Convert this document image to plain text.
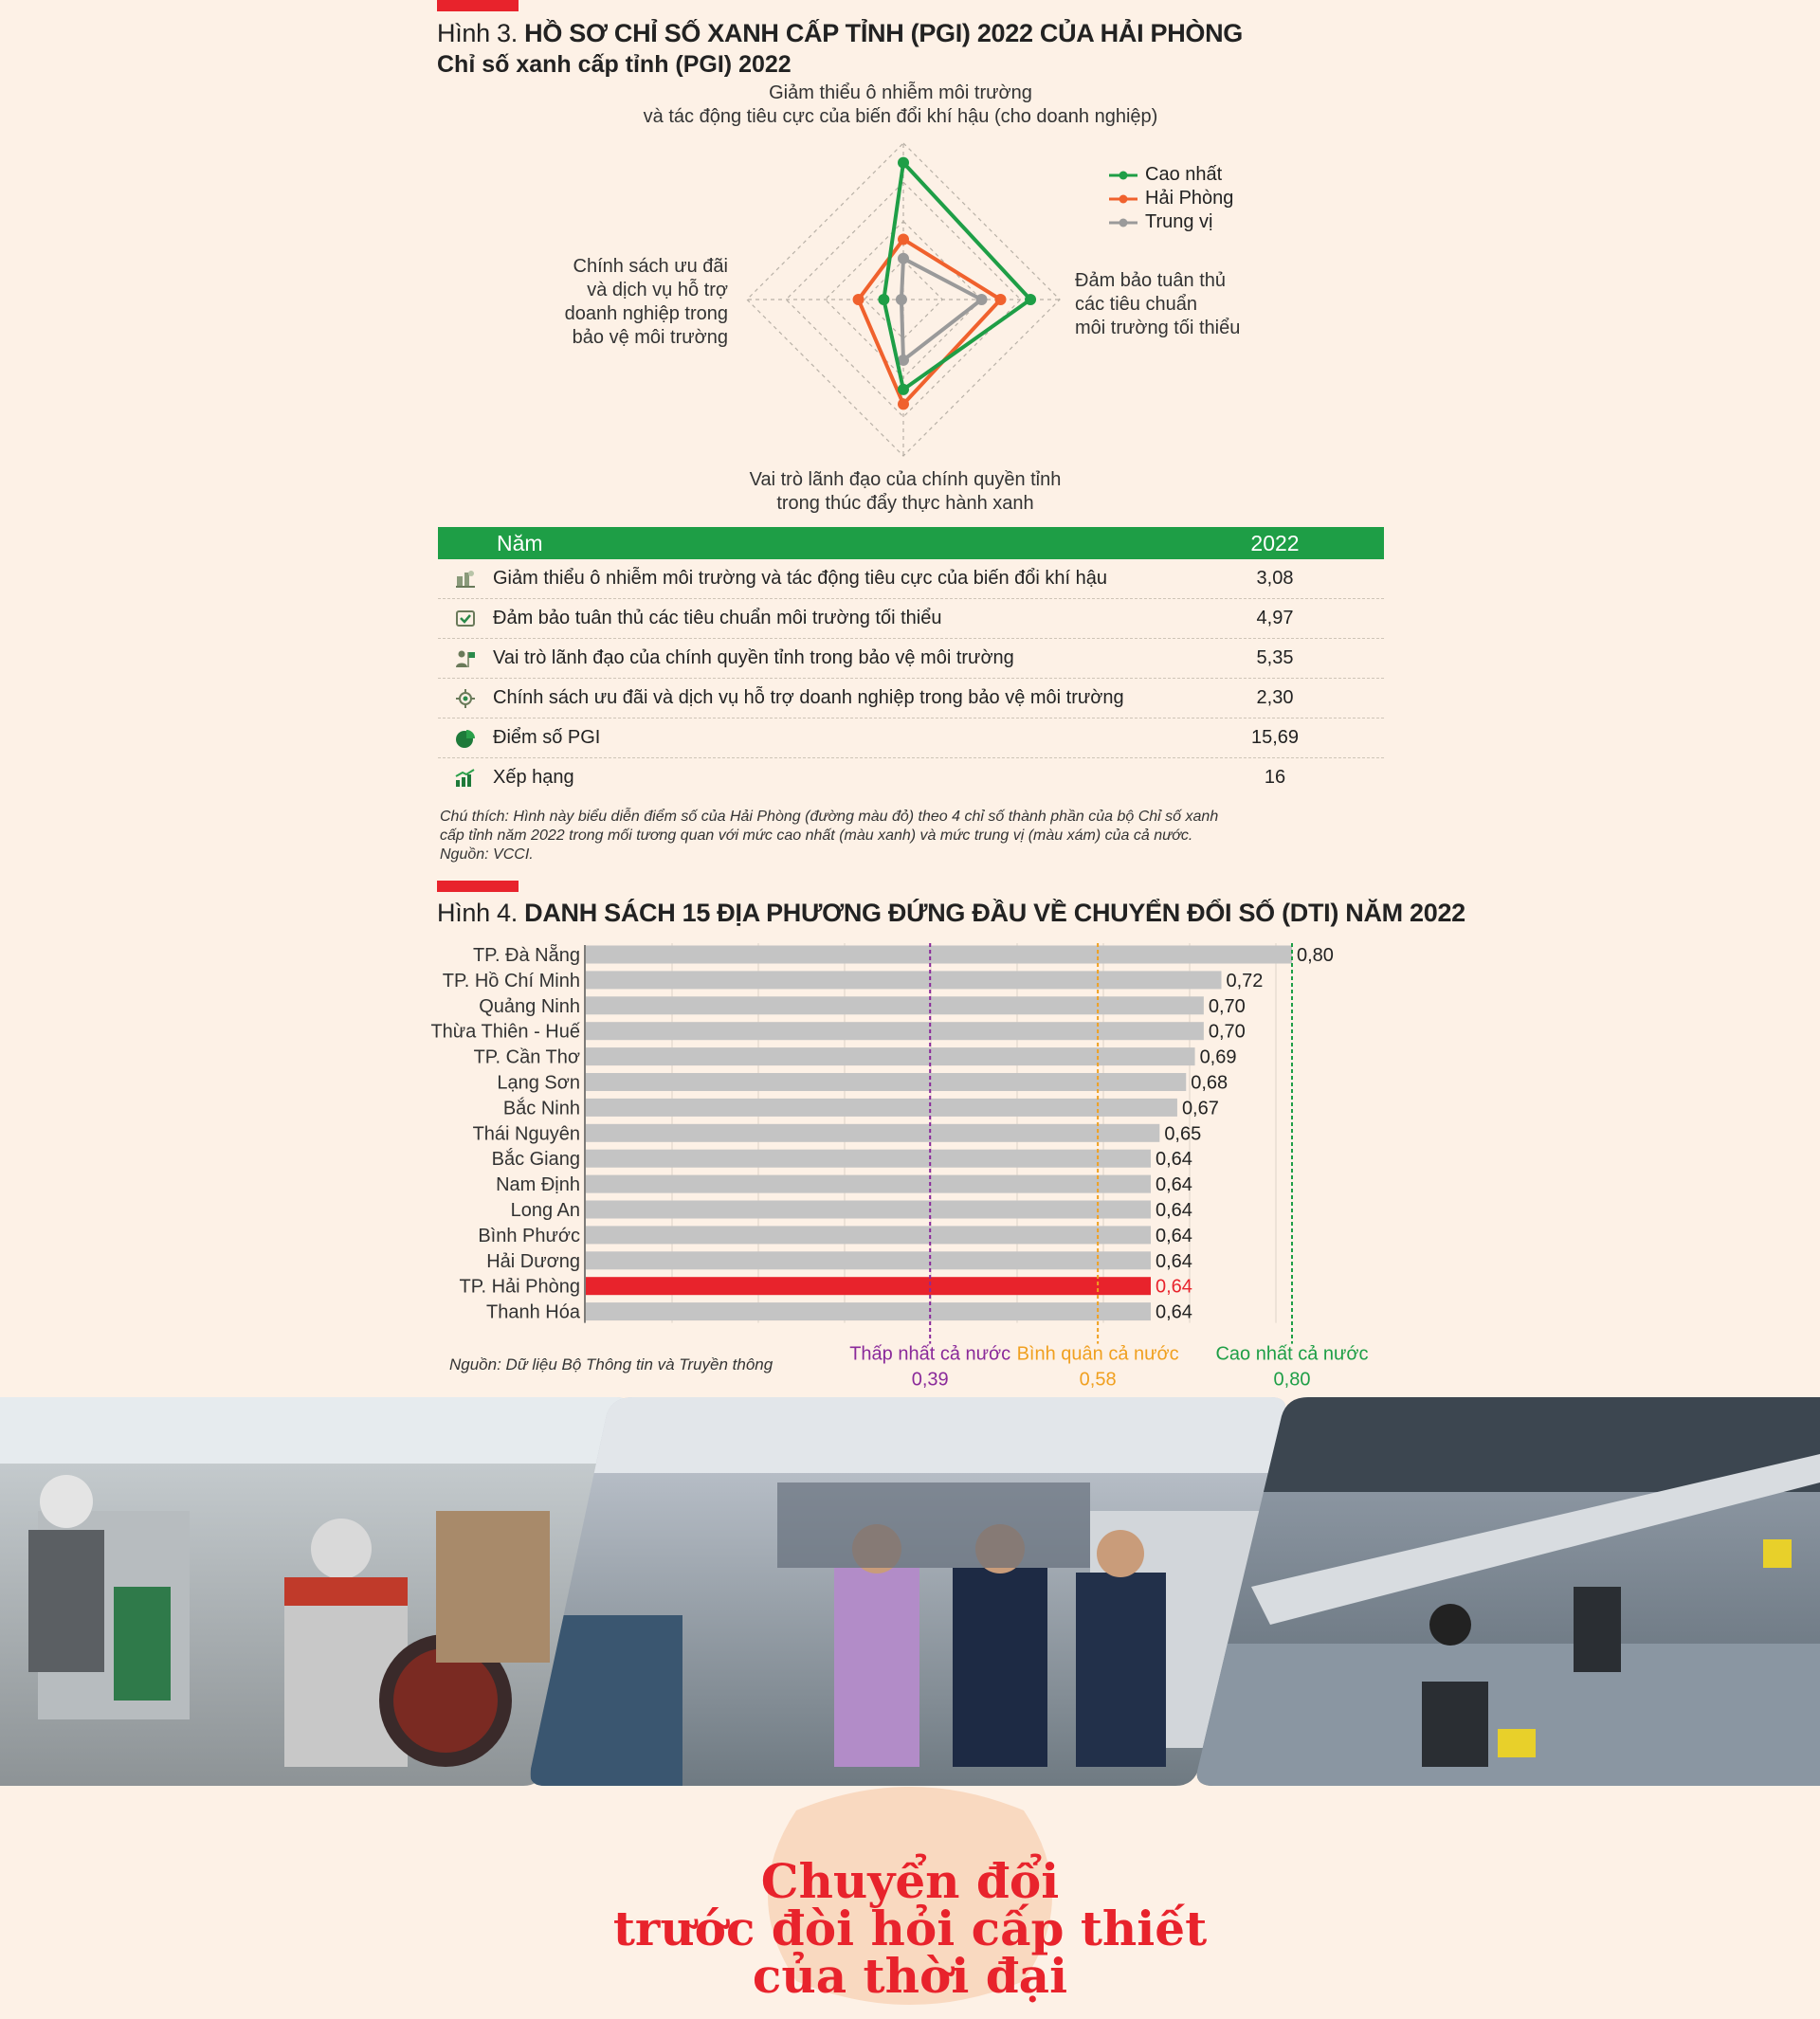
Hình 3. HỒ SƠ CHỈ SỐ XANH CẤP TỈNH (PGI) 2022 CỦA HẢI PHÒNG
Chỉ số xanh cấp tỉnh (PGI) 2022
Giảm thiểu ô nhiễm môi trường
và tác động tiêu cực của biến đổi khí hậu (cho doanh nghiệp)
Đảm bảo tuân thủ
các tiêu chuẩn
môi trường tối thiểu
Vai trò lãnh đạo của chính quyền tỉnh
trong thúc đẩy thực hành xanh
Chính sách ưu đãi
và dịch vụ hỗ trợ
doanh nghiệp trong
bảo vệ môi trường
Cao nhất
Hải Phòng
Trung vị
Năm	2022
Giảm thiểu ô nhiễm môi trường và tác động tiêu cực của biến đổi khí hậu	3,08
Đảm bảo tuân thủ các tiêu chuẩn môi trường tối thiểu	4,97
Vai trò lãnh đạo của chính quyền tỉnh trong bảo vệ môi trường	5,35
Chính sách ưu đãi và dịch vụ hỗ trợ doanh nghiệp trong bảo vệ môi trường	2,30
Điểm số PGI	15,69
Xếp hạng	16
Chú thích: Hình này biểu diễn điểm số của Hải Phòng (đường màu đỏ) theo 4 chỉ số thành phần của bộ Chỉ số xanh
cấp tỉnh năm 2022 trong mối tương quan với mức cao nhất (màu xanh) và mức trung vị (màu xám) của cả nước.
Nguồn: VCCI.
Hình 4. DANH SÁCH 15 ĐỊA PHƯƠNG ĐỨNG ĐẦU VỀ CHUYỂN ĐỔI SỐ (DTI) NĂM 2022
TP. Đà Nẵng	0,80
TP. Hồ Chí Minh	0,72
Quảng Ninh	0,70
Thừa Thiên - Huế	0,70
TP. Cần Thơ	0,69
Lạng Sơn	0,68
Bắc Ninh	0,67
Thái Nguyên	0,65
Bắc Giang	0,64
Nam Định	0,64
Long An	0,64
Bình Phước	0,64
Hải Dương	0,64
TP. Hải Phòng	0,64
Thanh Hóa	0,64
Thấp nhất cả nước
0,39
Bình quân cả nước
0,58
Cao nhất cả nước
0,80
Nguồn: Dữ liệu Bộ Thông tin và Truyền thông
Chuyển đổi
trước đòi hỏi cấp thiết
của thời đại
